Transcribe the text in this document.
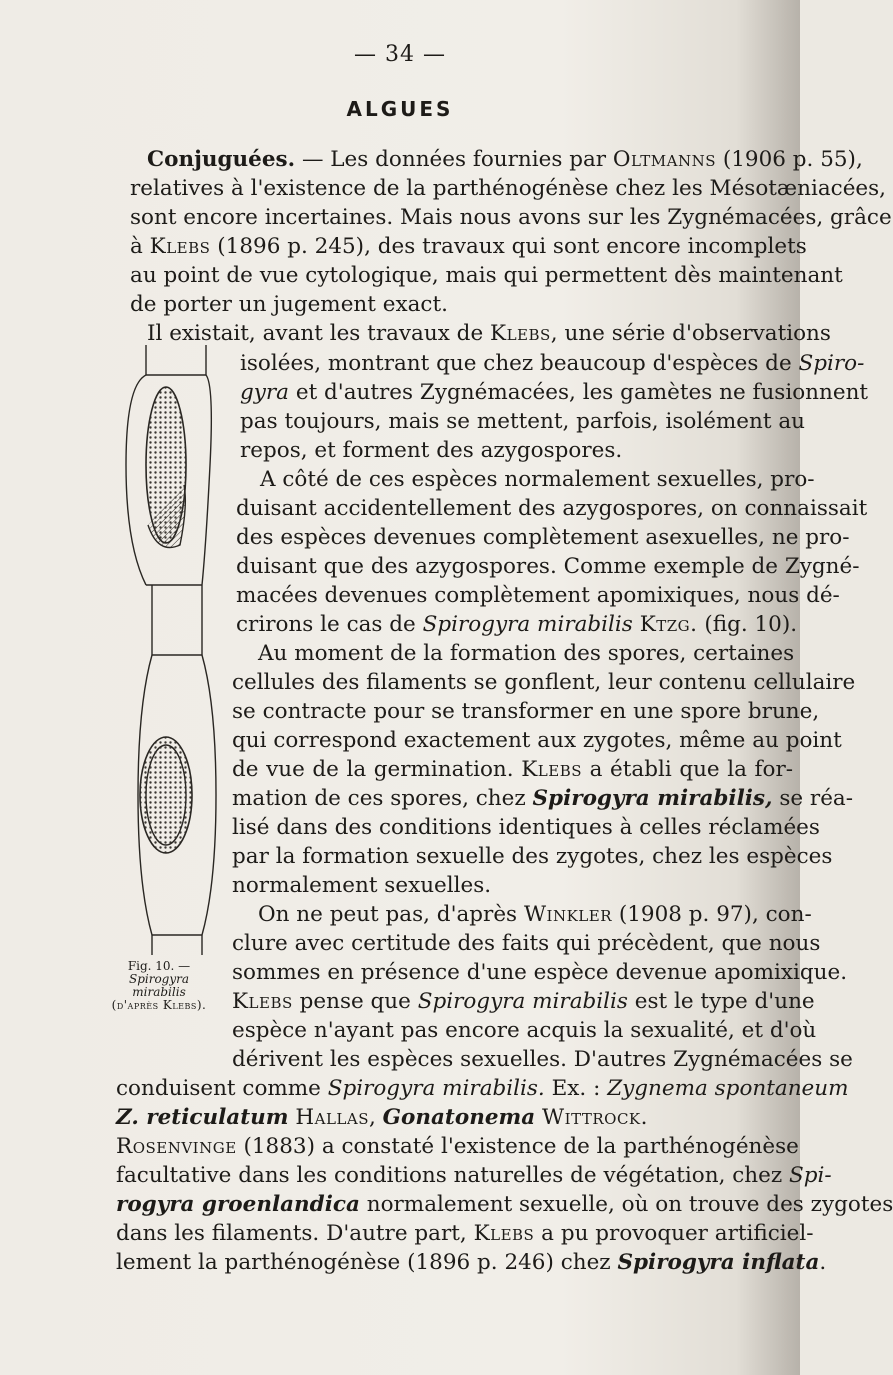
— 34 —
ALGUES
Conjuguées. — Les données fournies par Oltmanns (1906 p. 55),
relatives à l'existence de la parthénogénèse chez les Mésotæniacées,
sont encore incertaines. Mais nous avons sur les Zygnémacées, grâce
à Klebs (1896 p. 245), des travaux qui sont encore incomplets
au point de vue cytologique, mais qui permettent dès maintenant
de porter un jugement exact.
Il existait, avant les travaux de Klebs, une série d'observations
Fig. 10. —
Spirogyra mirabilis
(d'après Klebs).
isolées, montrant que chez beaucoup d'espèces de Spiro-
gyra et d'autres Zygnémacées, les gamètes ne fusionnent
pas toujours, mais se mettent, parfois, isolément au
repos, et forment des azygospores.
A côté de ces espèces normalement sexuelles, pro-
duisant accidentellement des azygospores, on connaissait
des espèces devenues complètement asexuelles, ne pro-
duisant que des azygospores. Comme exemple de Zygné-
macées devenues complètement apomixiques, nous dé-
crirons le cas de Spirogyra mirabilis Ktzg. (fig. 10).
Au moment de la formation des spores, certaines
cellules des filaments se gonflent, leur contenu cellulaire
se contracte pour se transformer en une spore brune,
qui correspond exactement aux zygotes, même au point
de vue de la germination. Klebs a établi que la for-
mation de ces spores, chez Spirogyra mirabilis, se réa-
lisé dans des conditions identiques à celles réclamées
par la formation sexuelle des zygotes, chez les espèces
normalement sexuelles.
On ne peut pas, d'après Winkler (1908 p. 97), con-
clure avec certitude des faits qui précèdent, que nous
sommes en présence d'une espèce devenue apomixique.
Klebs pense que Spirogyra mirabilis est le type d'une
espèce n'ayant pas encore acquis la sexualité, et d'où
dérivent les espèces sexuelles. D'autres Zygnémacées se
conduisent comme Spirogyra mirabilis. Ex. : Zygnema spontaneum
Z. reticulatum Hallas, Gonatonema Wittrock.
Rosenvinge (1883) a constaté l'existence de la parthénogénèse
facultative dans les conditions naturelles de végétation, chez Spi-
rogyra groenlandica normalement sexuelle, où on trouve des zygotes
dans les filaments. D'autre part, Klebs a pu provoquer artificiel-
lement la parthénogénèse (1896 p. 246) chez Spirogyra inflata.
